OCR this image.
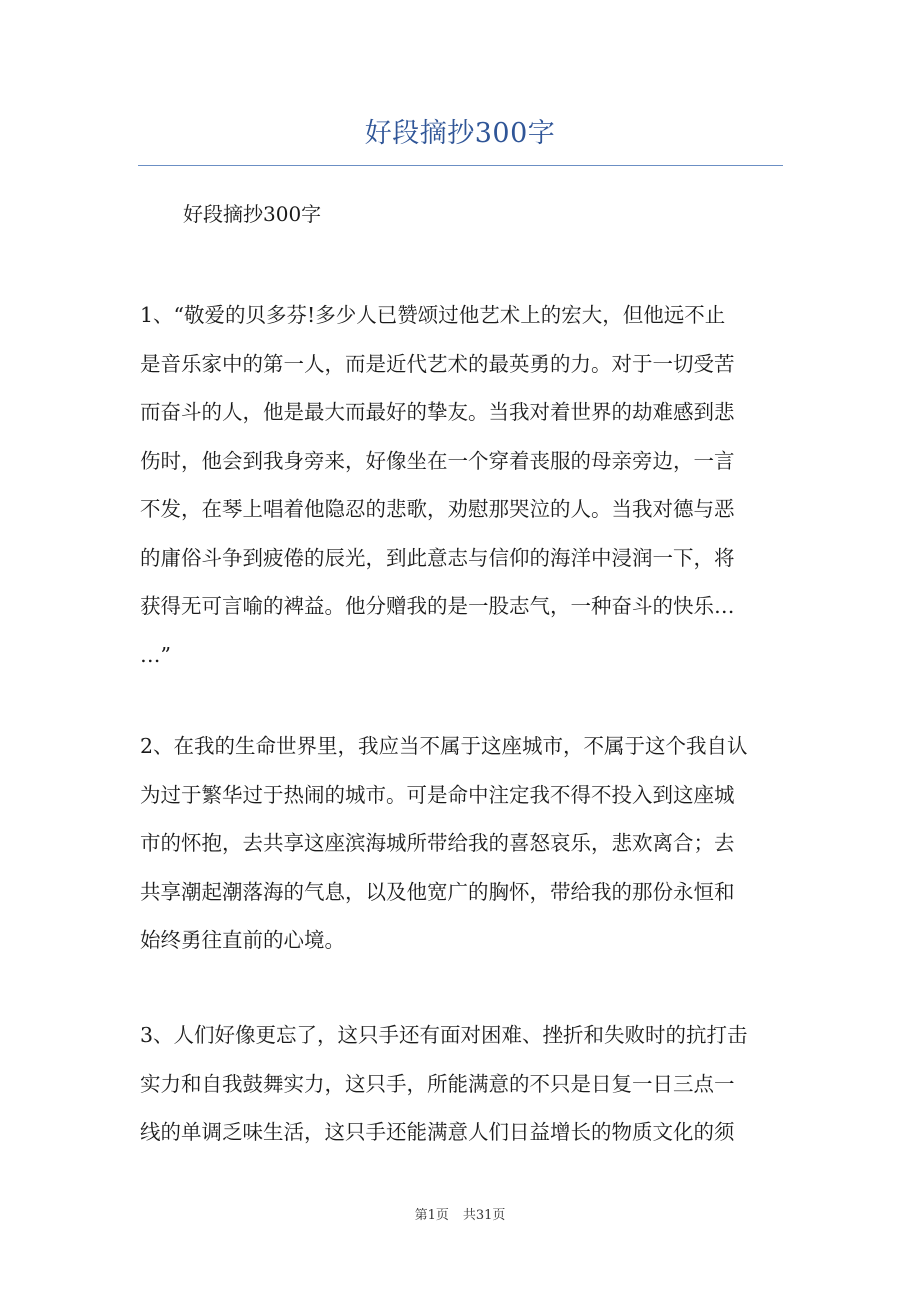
好段摘抄300字
好段摘抄300字
1、“敬爱的贝多芬!多少人已赞颂过他艺术上的宏大，但他远不止
是音乐家中的第一人，而是近代艺术的最英勇的力。对于一切受苦
而奋斗的人，他是最大而最好的挚友。当我对着世界的劫难感到悲
伤时，他会到我身旁来，好像坐在一个穿着丧服的母亲旁边，一言
不发，在琴上唱着他隐忍的悲歌，劝慰那哭泣的人。当我对德与恶
的庸俗斗争到疲倦的辰光，到此意志与信仰的海洋中浸润一下，将
获得无可言喻的裨益。他分赠我的是一股志气，一种奋斗的快乐…
…”
2、在我的生命世界里，我应当不属于这座城市，不属于这个我自认
为过于繁华过于热闹的城市。可是命中注定我不得不投入到这座城
市的怀抱，去共享这座滨海城所带给我的喜怒哀乐，悲欢离合；去
共享潮起潮落海的气息，以及他宽广的胸怀，带给我的那份永恒和
始终勇往直前的心境。
3、人们好像更忘了，这只手还有面对困难、挫折和失败时的抗打击
实力和自我鼓舞实力，这只手，所能满意的不只是日复一日三点一
线的单调乏味生活，这只手还能满意人们日益增长的物质文化的须
第1页 共31页
